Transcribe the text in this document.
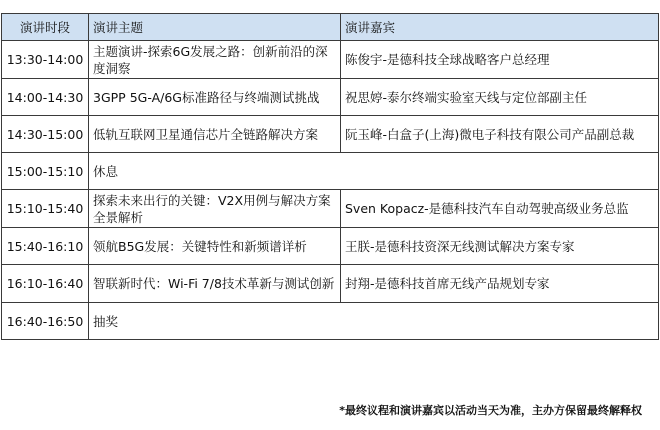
演讲时段	演讲主题	演讲嘉宾
13:30-14:00	主题演讲-探索6G发展之路：创新前沿的深度洞察	陈俊宇-是德科技全球战略客户总经理
14:00-14:30	3GPP 5G-A/6G标准路径与终端测试挑战	祝思婷-泰尔终端实验室天线与定位部副主任
14:30-15:00	低轨互联网卫星通信芯片全链路解决方案	阮玉峰-白盒子(上海)微电子科技有限公司产品副总裁
15:00-15:10	休息	
15:10-15:40	探索未来出行的关键：V2X用例与解决方案全景解析	Sven Kopacz-是德科技汽车自动驾驶高级业务总监
15:40-16:10	领航B5G发展：关键特性和新频谱详析	王朕-是德科技资深无线测试解决方案专家
16:10-16:40	智联新时代：Wi-Fi 7/8技术革新与测试创新	封翔-是德科技首席无线产品规划专家
16:40-16:50	抽奖	
*最终议程和演讲嘉宾以活动当天为准，主办方保留最终解释权
